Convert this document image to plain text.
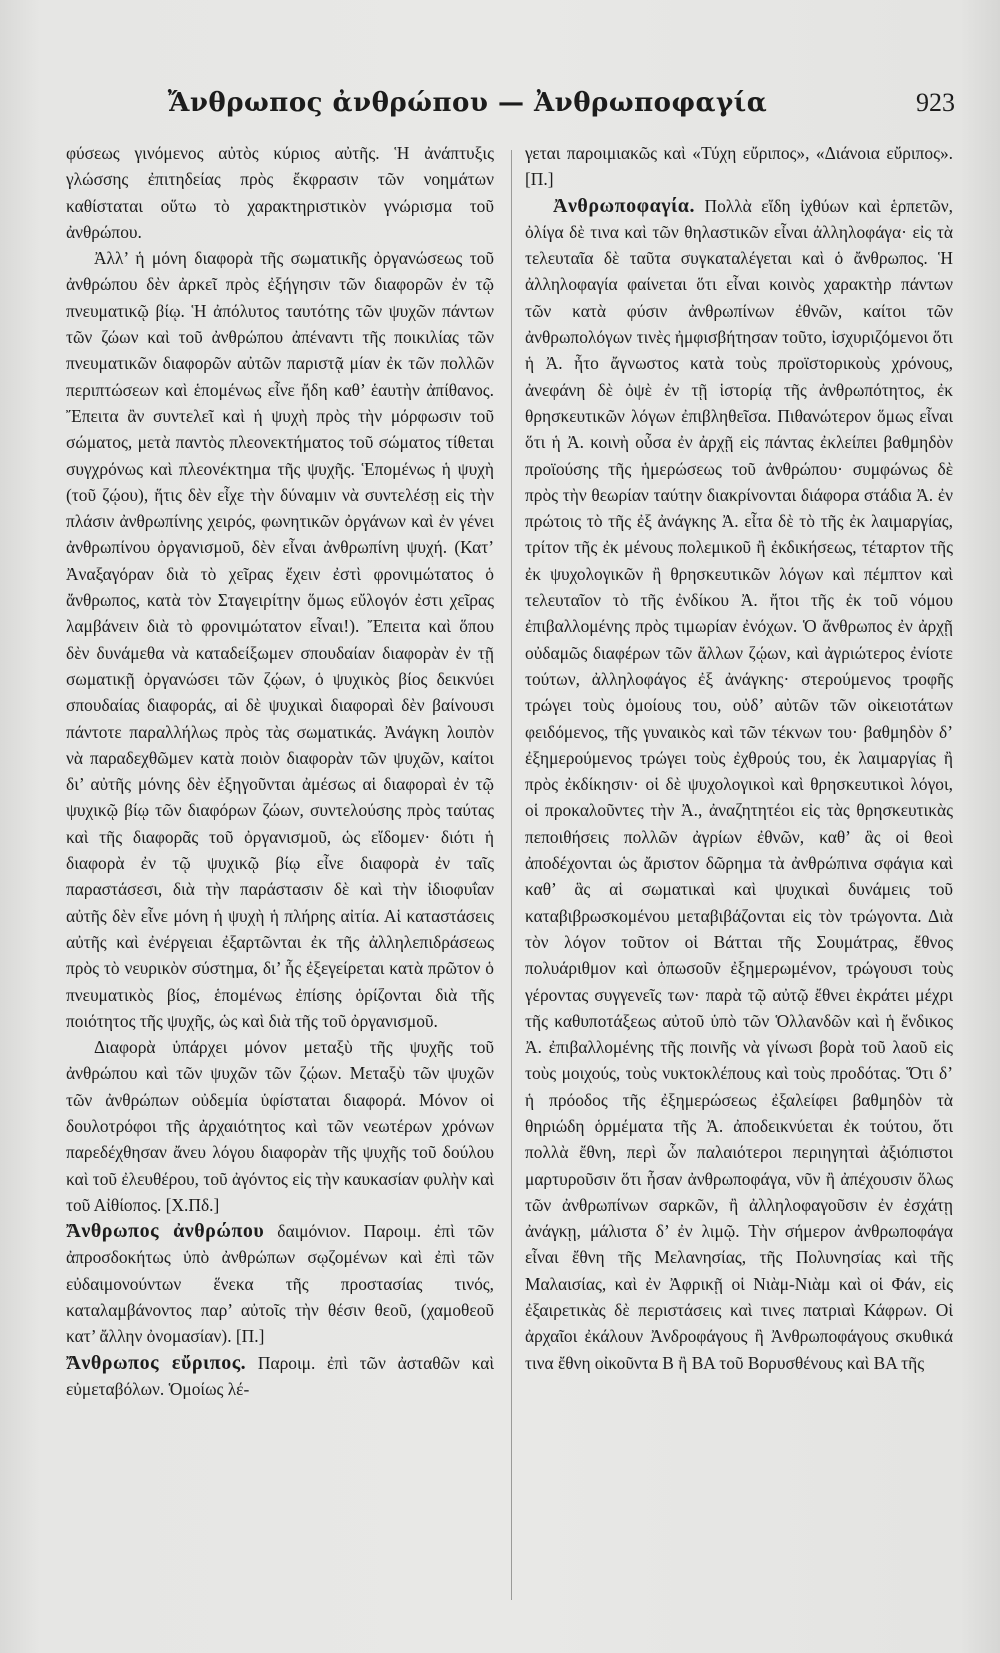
Ἄνθρωπος ἀνθρώπου — Ἀνθρωποφαγία	923

φύσεως γινόμενος αὐτὸς κύριος αὐτῆς. Ἡ ἀνάπτυξις γλώσσης ἐπιτηδείας πρὸς ἔκφρασιν τῶν νοημάτων καθίσταται οὕτω τὸ χαρακτηριστικὸν γνώρισμα τοῦ ἀνθρώπου.

Ἀλλ’ ἡ μόνη διαφορὰ τῆς σωματικῆς ὀργανώσεως τοῦ ἀνθρώπου δὲν ἀρκεῖ πρὸς ἐξήγησιν τῶν διαφορῶν ἐν τῷ πνευματικῷ βίῳ. Ἡ ἀπόλυτος ταυτότης τῶν ψυχῶν πάντων τῶν ζώων καὶ τοῦ ἀνθρώπου ἀπέναντι τῆς ποικιλίας τῶν πνευματικῶν διαφορῶν αὐτῶν παριστᾷ μίαν ἐκ τῶν πολλῶν περιπτώσεων καὶ ἑπομένως εἶνε ἤδη καθ’ ἑαυτὴν ἀπίθανος. Ἔπειτα ἂν συντελεῖ καὶ ἡ ψυχὴ πρὸς τὴν μόρφωσιν τοῦ σώματος, μετὰ παντὸς πλεονεκτήματος τοῦ σώματος τίθεται συγχρόνως καὶ πλεονέκτημα τῆς ψυχῆς. Ἑπομένως ἡ ψυχὴ (τοῦ ζῴου), ἥτις δὲν εἶχε τὴν δύναμιν νὰ συντελέσῃ εἰς τὴν πλάσιν ἀνθρωπίνης χειρός, φωνητικῶν ὀργάνων καὶ ἐν γένει ἀνθρωπίνου ὀργανισμοῦ, δὲν εἶναι ἀνθρωπίνη ψυχή. (Κατ’ Ἀναξαγόραν διὰ τὸ χεῖρας ἔχειν ἐστὶ φρονιμώτατος ὁ ἄνθρωπος, κατὰ τὸν Σταγειρίτην ὅμως εὔλογόν ἐστι χεῖρας λαμβάνειν διὰ τὸ φρονιμώτατον εἶναι!). Ἔπειτα καὶ ὅπου δὲν δυνάμεθα νὰ καταδείξωμεν σπουδαίαν διαφορὰν ἐν τῇ σωματικῇ ὀργανώσει τῶν ζῴων, ὁ ψυχικὸς βίος δεικνύει σπουδαίας διαφοράς, αἱ δὲ ψυχικαὶ διαφοραὶ δὲν βαίνουσι πάντοτε παραλλήλως πρὸς τὰς σωματικάς. Ἀνάγκη λοιπὸν νὰ παραδεχθῶμεν κατὰ ποιὸν διαφορὰν τῶν ψυχῶν, καίτοι δι’ αὐτῆς μόνης δὲν ἐξηγοῦνται ἀμέσως αἱ διαφοραὶ ἐν τῷ ψυχικῷ βίῳ τῶν διαφόρων ζώων, συντελούσης πρὸς ταύτας καὶ τῆς διαφορᾶς τοῦ ὀργανισμοῦ, ὡς εἴδομεν· διότι ἡ διαφορὰ ἐν τῷ ψυχικῷ βίῳ εἶνε διαφορὰ ἐν ταῖς παραστάσεσι, διὰ τὴν παράστασιν δὲ καὶ τὴν ἰδιοφυΐαν αὐτῆς δὲν εἶνε μόνη ἡ ψυχὴ ἡ πλήρης αἰτία. Αἱ καταστάσεις αὐτῆς καὶ ἐνέργειαι ἐξαρτῶνται ἐκ τῆς ἀλληλεπιδράσεως πρὸς τὸ νευρικὸν σύστημα, δι’ ἧς ἐξεγείρεται κατὰ πρῶτον ὁ πνευματικὸς βίος, ἑπομένως ἐπίσης ὁρίζονται διὰ τῆς ποιότητος τῆς ψυχῆς, ὡς καὶ διὰ τῆς τοῦ ὀργανισμοῦ.

Διαφορὰ ὑπάρχει μόνον μεταξὺ τῆς ψυχῆς τοῦ ἀνθρώπου καὶ τῶν ψυχῶν τῶν ζῴων. Μεταξὺ τῶν ψυχῶν τῶν ἀνθρώπων οὐδεμία ὑφίσταται διαφορά. Μόνον οἱ δουλοτρόφοι τῆς ἀρχαιότητος καὶ τῶν νεωτέρων χρόνων παρεδέχθησαν ἄνευ λόγου διαφορὰν τῆς ψυχῆς τοῦ δούλου καὶ τοῦ ἐλευθέρου, τοῦ ἀγόντος εἰς τὴν καυκασίαν φυλὴν καὶ τοῦ Αἰθίοπος. [Χ.Πδ.]

Ἄνθρωπος ἀνθρώπου δαιμόνιον. Παροιμ. ἐπὶ τῶν ἀπροσδοκήτως ὑπὸ ἀνθρώπων σῳζομένων καὶ ἐπὶ τῶν εὐδαιμονούντων ἕνεκα τῆς προστασίας τινός, καταλαμβάνοντος παρ’ αὐτοῖς τὴν θέσιν θεοῦ, (χαμοθεοῦ κατ’ ἄλλην ὀνομασίαν). [Π.]

Ἄνθρωπος εὔριπος. Παροιμ. ἐπὶ τῶν ἀσταθῶν καὶ εὐμεταβόλων. Ὁμοίως λέ-

γεται παροιμιακῶς καὶ «Τύχη εὔριπος», «Διάνοια εὔριπος». [Π.]

Ἀνθρωποφαγία. Πολλὰ εἴδη ἰχθύων καὶ ἑρπετῶν, ὀλίγα δὲ τινα καὶ τῶν θηλαστικῶν εἶναι ἀλληλοφάγα· εἰς τὰ τελευταῖα δὲ ταῦτα συγκαταλέγεται καὶ ὁ ἄνθρωπος. Ἡ ἀλληλοφαγία φαίνεται ὅτι εἶναι κοινὸς χαρακτὴρ πάντων τῶν κατὰ φύσιν ἀνθρωπίνων ἐθνῶν, καίτοι τῶν ἀνθρωπολόγων τινὲς ἠμφισβήτησαν τοῦτο, ἰσχυριζόμενοι ὅτι ἡ Ἀ. ἦτο ἄγνωστος κατὰ τοὺς προϊστορικοὺς χρόνους, ἀνεφάνη δὲ ὀψὲ ἐν τῇ ἱστορίᾳ τῆς ἀνθρωπότητος, ἐκ θρησκευτικῶν λόγων ἐπιβληθεῖσα. Πιθανώτερον ὅμως εἶναι ὅτι ἡ Ἀ. κοινὴ οὖσα ἐν ἀρχῇ εἰς πάντας ἐκλείπει βαθμηδὸν προϊούσης τῆς ἡμερώσεως τοῦ ἀνθρώπου· συμφώνως δὲ πρὸς τὴν θεωρίαν ταύτην διακρίνονται διάφορα στάδια Ἀ. ἐν πρώτοις τὸ τῆς ἐξ ἀνάγκης Ἀ. εἶτα δὲ τὸ τῆς ἐκ λαιμαργίας, τρίτον τῆς ἐκ μένους πολεμικοῦ ἢ ἐκδικήσεως, τέταρτον τῆς ἐκ ψυχολογικῶν ἢ θρησκευτικῶν λόγων καὶ πέμπτον καὶ τελευταῖον τὸ τῆς ἐνδίκου Ἀ. ἤτοι τῆς ἐκ τοῦ νόμου ἐπιβαλλομένης πρὸς τιμωρίαν ἐνόχων. Ὁ ἄνθρωπος ἐν ἀρχῇ οὐδαμῶς διαφέρων τῶν ἄλλων ζῴων, καὶ ἀγριώτερος ἐνίοτε τούτων, ἀλληλοφάγος ἐξ ἀνάγκης· στερούμενος τροφῆς τρώγει τοὺς ὁμοίους του, οὐδ’ αὐτῶν τῶν οἰκειοτάτων φειδόμενος, τῆς γυναικὸς καὶ τῶν τέκνων του· βαθμηδὸν δ’ ἐξημερούμενος τρώγει τοὺς ἐχθρούς του, ἐκ λαιμαργίας ἢ πρὸς ἐκδίκησιν· οἱ δὲ ψυχολογικοὶ καὶ θρησκευτικοὶ λόγοι, οἱ προκαλοῦντες τὴν Ἀ., ἀναζητητέοι εἰς τὰς θρησκευτικὰς πεποιθήσεις πολλῶν ἀγρίων ἐθνῶν, καθ’ ἃς οἱ θεοὶ ἀποδέχονται ὡς ἄριστον δῶρημα τὰ ἀνθρώπινα σφάγια καὶ καθ’ ἃς αἱ σωματικαὶ καὶ ψυχικαὶ δυνάμεις τοῦ καταβιβρωσκομένου μεταβιβάζονται εἰς τὸν τρώγοντα. Διὰ τὸν λόγον τοῦτον οἱ Βάτται τῆς Σουμάτρας, ἔθνος πολυάριθμον καὶ ὁπωσοῦν ἐξημερωμένον, τρώγουσι τοὺς γέροντας συγγενεῖς των· παρὰ τῷ αὐτῷ ἔθνει ἐκράτει μέχρι τῆς καθυποτάξεως αὐτοῦ ὑπὸ τῶν Ὁλλανδῶν καὶ ἡ ἔνδικος Ἀ. ἐπιβαλλομένης τῆς ποινῆς νὰ γίνωσι βορὰ τοῦ λαοῦ εἰς τοὺς μοιχούς, τοὺς νυκτοκλέπους καὶ τοὺς προδότας. Ὅτι δ’ ἡ πρόοδος τῆς ἐξημερώσεως ἐξαλείφει βαθμηδὸν τὰ θηριώδη ὁρμέματα τῆς Ἀ. ἀποδεικνύεται ἐκ τούτου, ὅτι πολλὰ ἔθνη, περὶ ὧν παλαιότεροι περιηγηταὶ ἀξιόπιστοι μαρτυροῦσιν ὅτι ἦσαν ἀνθρωποφάγα, νῦν ἢ ἀπέχουσιν ὅλως τῶν ἀνθρωπίνων σαρκῶν, ἢ ἀλληλοφαγοῦσιν ἐν ἐσχάτῃ ἀνάγκῃ, μάλιστα δ’ ἐν λιμῷ. Τὴν σήμερον ἀνθρωποφάγα εἶναι ἔθνη τῆς Μελανησίας, τῆς Πολυνησίας καὶ τῆς Μαλαισίας, καὶ ἐν Ἀφρικῇ οἱ Νιὰμ-Νιὰμ καὶ οἱ Φάν, εἰς ἐξαιρετικὰς δὲ περιστάσεις καὶ τινες πατριαὶ Κάφρων. Οἱ ἀρχαῖοι ἐκάλουν Ἀνδροφάγους ἢ Ἀνθρωποφάγους σκυθικά τινα ἔθνη οἰκοῦντα Β ἢ ΒΑ τοῦ Βορυσθένους καὶ ΒΑ τῆς
